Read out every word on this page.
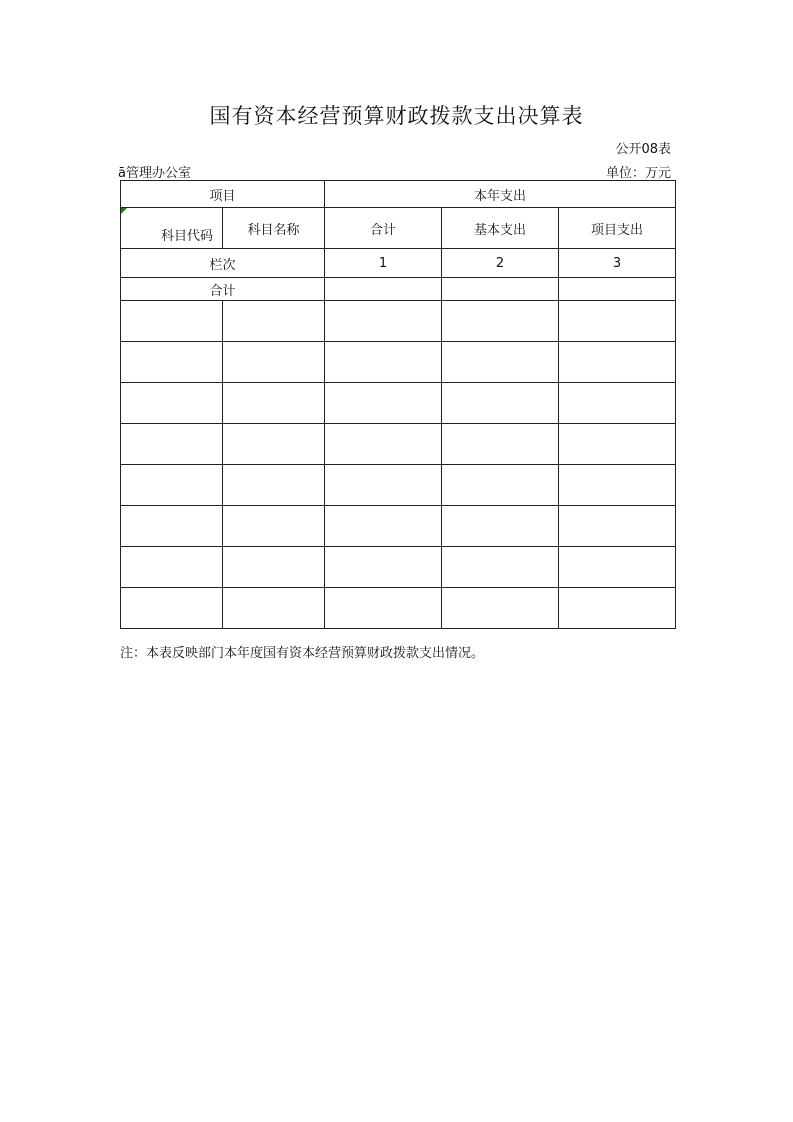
国有资本经营预算财政拨款支出决算表
公开08表
ā管理办公室	单位：万元
项目		本年支出		

科目代码	科目名称	合计	基本支出	项目支出
栏次		1	2	3
合计				

注：本表反映部门本年度国有资本经营预算财政拨款支出情况。
